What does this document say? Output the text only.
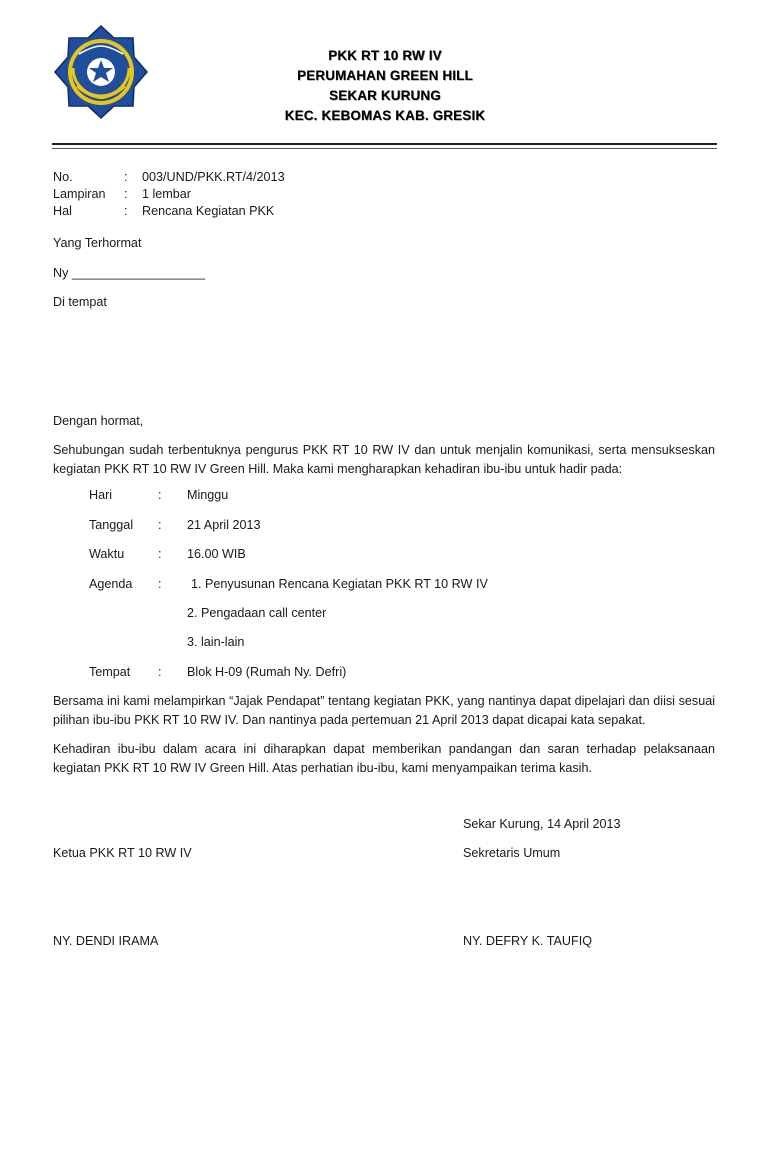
PKK RT 10 RW IV
PERUMAHAN GREEN HILL
SEKAR KURUNG
KEC. KEBOMAS KAB. GRESIK
No.	: 003/UND/PKK.RT/4/2013
Lampiran : 1 lembar
Hal	: Rencana Kegiatan PKK
Yang Terhormat
Ny ___________________
Di tempat
Dengan hormat,
Sehubungan sudah terbentuknya pengurus PKK RT 10 RW IV dan untuk menjalin komunikasi, serta mensukseskan kegiatan PKK RT 10 RW IV Green Hill. Maka kami mengharapkan kehadiran ibu-ibu untuk hadir pada:
Hari	: Minggu
Tanggal : 21 April 2013
Waktu	: 16.00 WIB
Agenda : 1. Penyusunan Rencana Kegiatan PKK RT 10 RW IV
2. Pengadaan call center
3. lain-lain
Tempat : Blok H-09 (Rumah Ny. Defri)
Bersama ini kami melampirkan “Jajak Pendapat” tentang kegiatan PKK, yang nantinya dapat dipelajari dan diisi sesuai pilihan ibu-ibu PKK RT 10 RW IV. Dan nantinya pada pertemuan 21 April 2013 dapat dicapai kata sepakat.
Kehadiran ibu-ibu dalam acara ini diharapkan dapat memberikan pandangan dan saran terhadap pelaksanaan kegiatan PKK RT 10 RW IV Green Hill. Atas perhatian ibu-ibu, kami menyampaikan terima kasih.
Sekar Kurung, 14 April 2013
Ketua PKK RT 10 RW IV	Sekretaris Umum
NY. DENDI IRAMA	NY. DEFRY K. TAUFIQ
